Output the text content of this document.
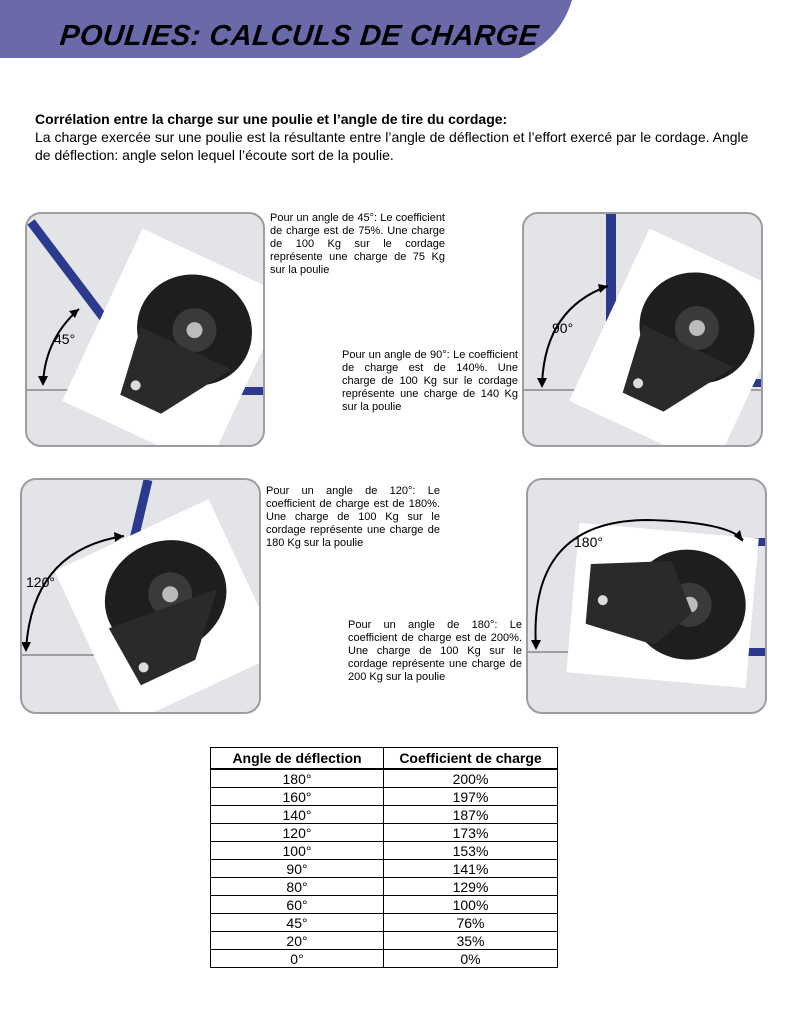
POULIES: CALCULS DE CHARGE
Corrélation entre la charge sur une poulie et l’angle de tire du cordage:
La charge exercée sur une poulie est la résultante entre l’angle de déflection et l’effort exercé par le cordage. Angle de déflection: angle selon lequel l’écoute sort de la poulie.
45°
Pour un angle de 45°: Le coefficient de charge est de 75%. Une charge de 100 Kg sur le cordage représente une charge de 75 Kg sur la poulie
90°
Pour un angle de 90°: Le coefficient de charge est de 140%. Une charge de 100 Kg sur le cordage représente une charge de 140 Kg sur la poulie
120°
Pour un angle de 120°: Le coefficient de charge est de 180%. Une charge de 100 Kg sur le cordage représente une charge de 180 Kg sur la poulie	180°
Pour un angle de 180°: Le coefficient de charge est de 200%. Une charge de 100 Kg sur le cordage représente une charge de 200 Kg sur la poulie
Angle de déflection	Coefficient de charge
180°	200%
160°	197%
140°	187%
120°	173%
100°	153%
90°	141%
80°	129%
60°	100%
45°	76%
20°	35%
0°	0%
